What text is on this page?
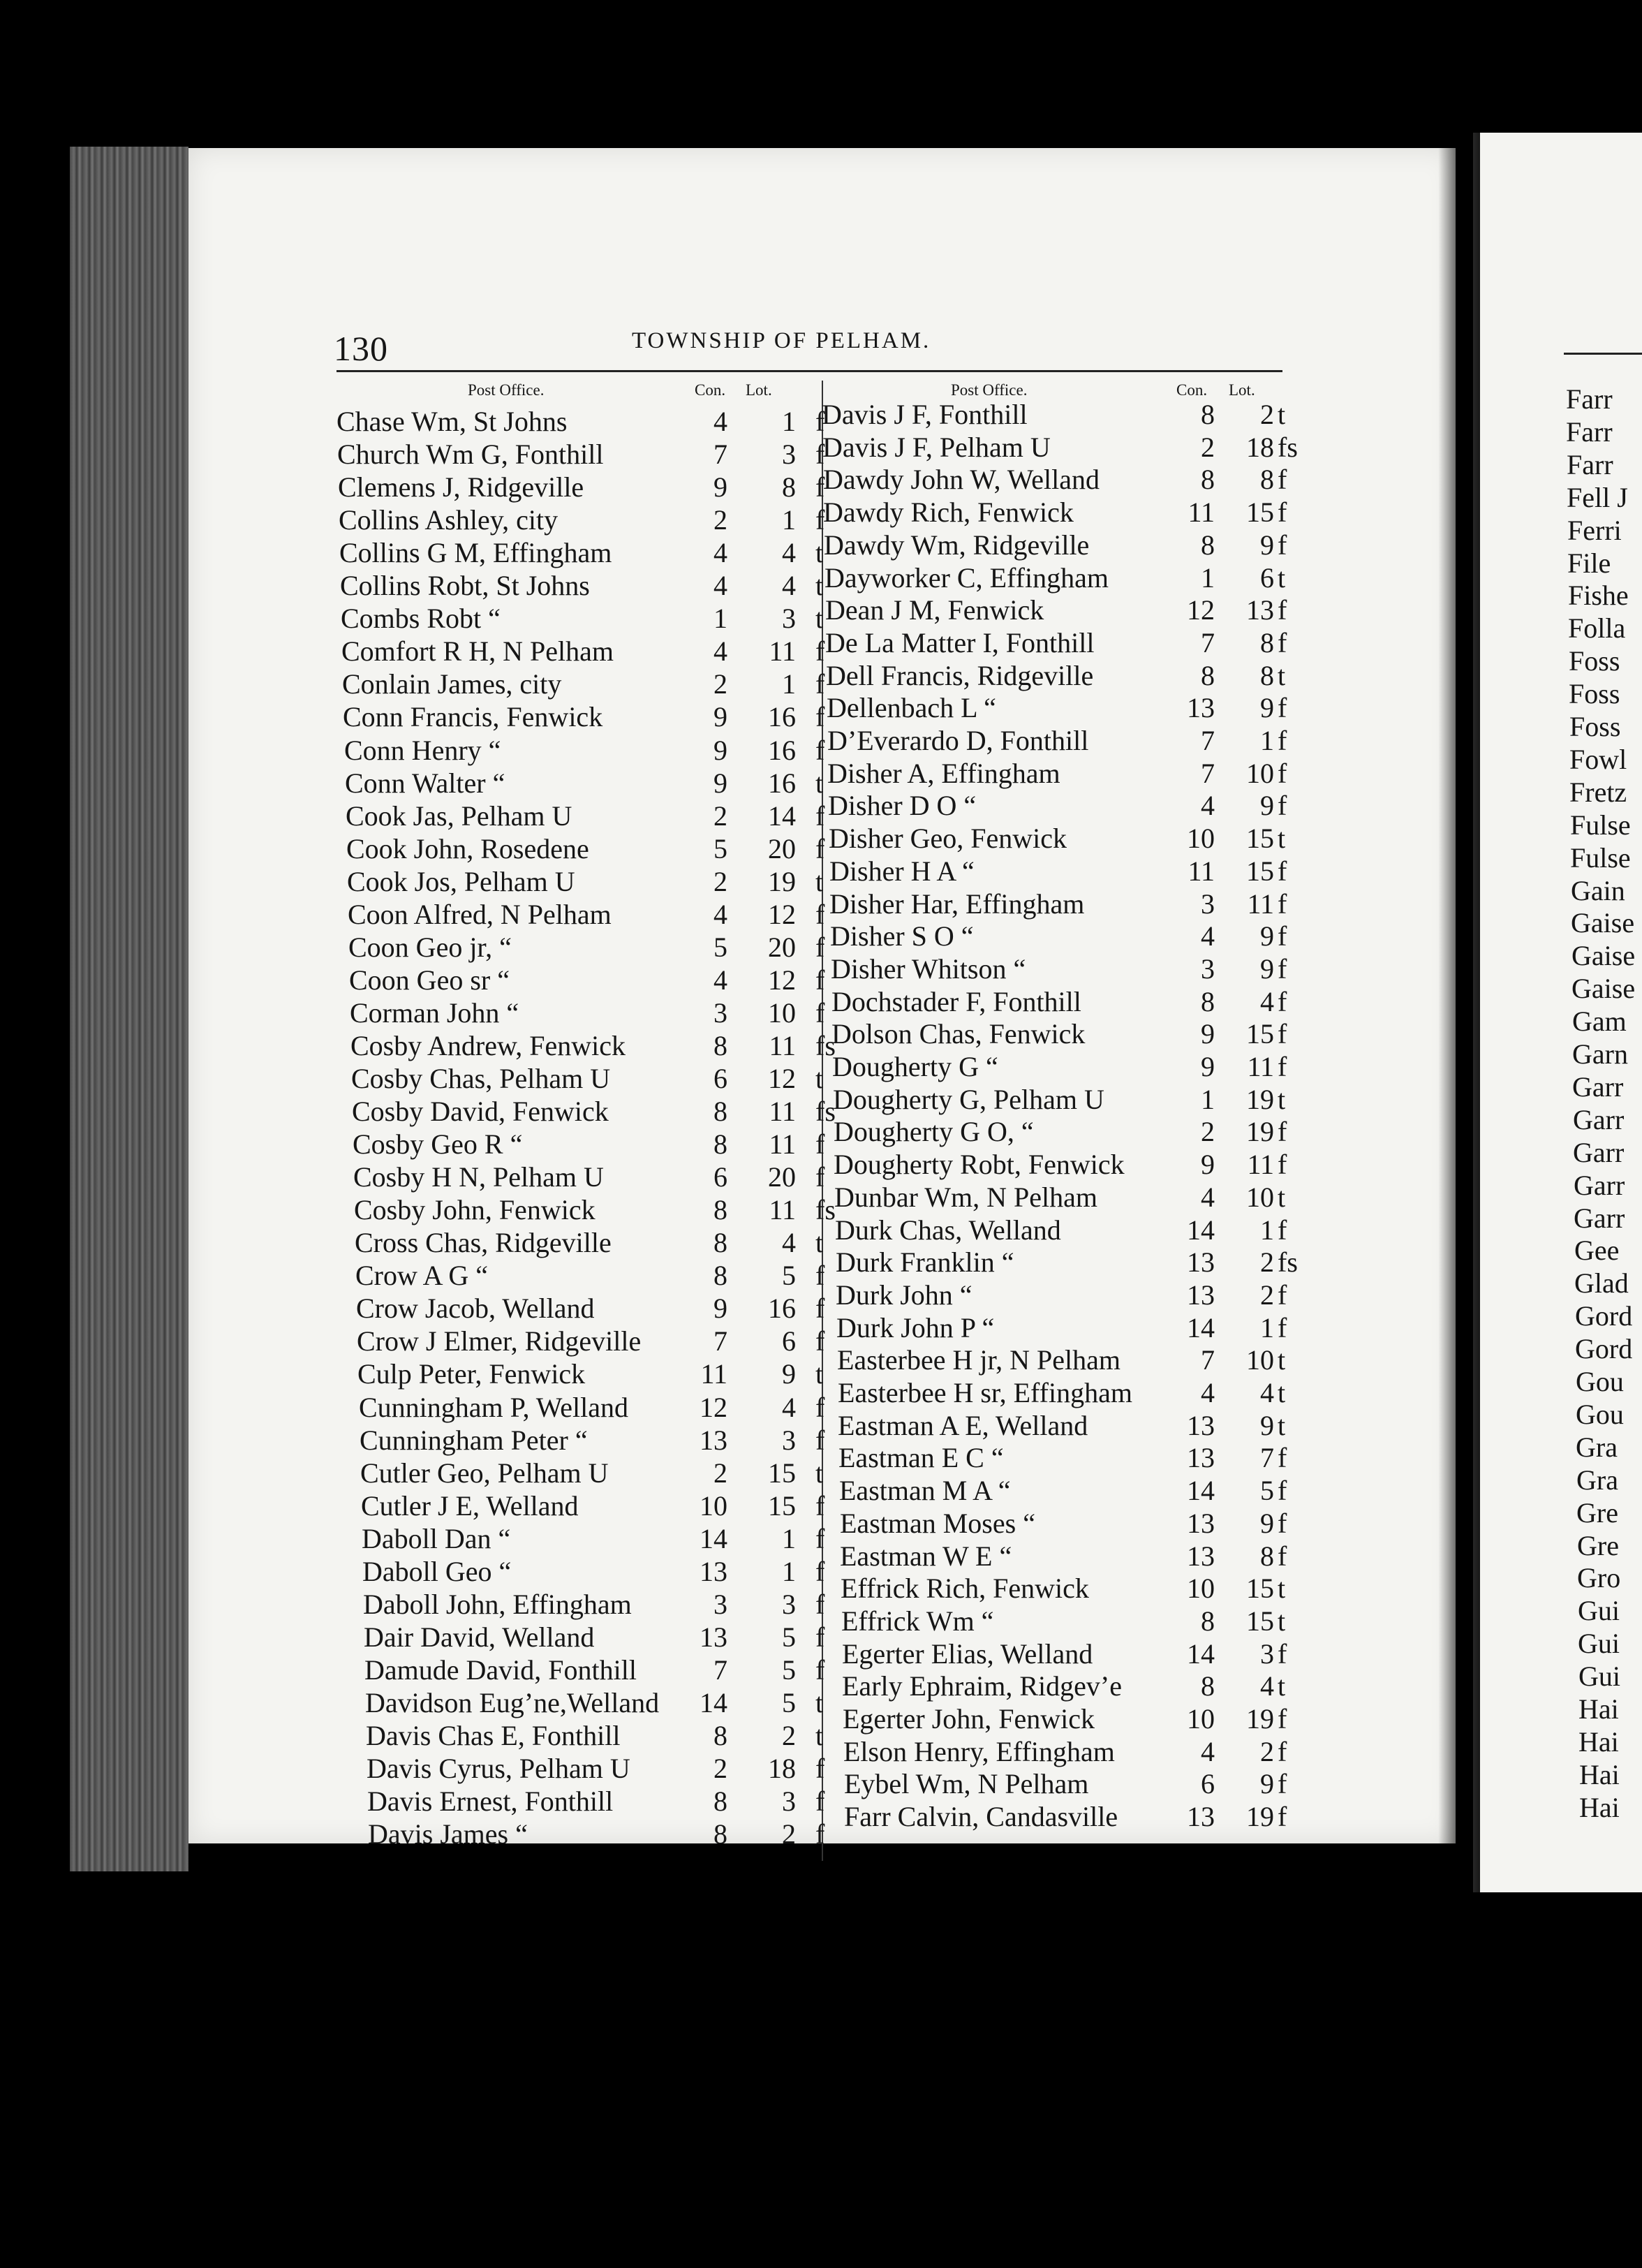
130	TOWNSHIP OF PELHAM.
Post Office.	Con. Lot.	Post Office.	Con. Lot.
Chase Wm, St Johns	4	1 f
Church Wm G, Fonthill	7	3 f
Clemens J, Ridgeville	9	8 f
Collins Ashley, city	2	1 f
Collins G M, Effingham	4	4 t
Collins Robt, St Johns	4	4 t
Combs Robt “	1	3 t
Comfort R H, N Pelham	4	11 f
Conlain James, city	2	1 f
Conn Francis, Fenwick	9	16 f
Conn Henry “	9	16 f
Conn Walter “	9	16 t
Cook Jas, Pelham U	2	14 f
Cook John, Rosedene	5	20 f
Cook Jos, Pelham U	2	19 t
Coon Alfred, N Pelham	4	12 f
Coon Geo jr, “	5	20 f
Coon Geo sr “	4	12 f
Corman John “	3	10 f
Cosby Andrew, Fenwick	8	11 fs
Cosby Chas, Pelham U	6	12 t
Cosby David, Fenwick	8	11 fs
Cosby Geo R “	8	11 f
Cosby H N, Pelham U	6	20 f
Cosby John, Fenwick	8	11 fs
Cross Chas, Ridgeville	8	4 t
Crow A G “	8	5 f
Crow Jacob, Welland	9	16 f
Crow J Elmer, Ridgeville	7	6 f
Culp Peter, Fenwick	11	9 t
Cunningham P, Welland	12	4 f
Cunningham Peter “	13	3 f
Cutler Geo, Pelham U	2	15 t
Cutler J E, Welland	10	15 f
Daboll Dan “	14	1 f
Daboll Geo “	13	1 f
Daboll John, Effingham	3	3 f
Dair David, Welland	13	5 f
Damude David, Fonthill	7	5 f
Davidson Eug’ne,Welland	14	5 t
Davis Chas E, Fonthill	8	2 t
Davis Cyrus, Pelham U	2	18 f
Davis Ernest, Fonthill	8	3 f
Davis James “	8	2 f
Davis J F, Fonthill	8	2 t
Davis J F, Pelham U	2	18 fs
Dawdy John W, Welland	8	8 f
Dawdy Rich, Fenwick	11	15 f
Dawdy Wm, Ridgeville	8	9 f
Dayworker C, Effingham	1	6 t
Dean J M, Fenwick	12	13 f
De La Matter I, Fonthill	7	8 f
Dell Francis, Ridgeville	8	8 t
Dellenbach L “	13	9 f
D’Everardo D, Fonthill	7	1 f
Disher A, Effingham	7	10 f
Disher D O “	4	9 f
Disher Geo, Fenwick	10	15 t
Disher H A “	11	15 f
Disher Har, Effingham	3	11 f
Disher S O “	4	9 f
Disher Whitson “	3	9 f
Dochstader F, Fonthill	8	4 f
Dolson Chas, Fenwick	9	15 f
Dougherty G “	9	11 f
Dougherty G, Pelham U	1	19 t
Dougherty G O, “	2	19 f
Dougherty Robt, Fenwick	9	11 f
Dunbar Wm, N Pelham	4	10 t
Durk Chas, Welland	14	1 f
Durk Franklin “	13	2 fs
Durk John “	13	2 f
Durk John P “	14	1 f
Easterbee H jr, N Pelham	7	10 t
Easterbee H sr, Effingham	4	4 t
Eastman A E, Welland	13	9 t
Eastman E C “	13	7 f
Eastman M A “	14	5 f
Eastman Moses “	13	9 f
Eastman W E “	13	8 f
Effrick Rich, Fenwick	10	15 t
Effrick Wm “	8	15 t
Egerter Elias, Welland	14	3 f
Early Ephraim, Ridgev’e	8	4 t
Egerter John, Fenwick	10	19 f
Elson Henry, Effingham	4	2 f
Eybel Wm, N Pelham	6	9 f
Farr Calvin, Candasville	13	19 f
Farr
Farr
Farr
Fell J
Ferri
File
Fishe
Folla
Foss
Foss
Foss
Fowl
Fretz
Fulse
Fulse
Gain
Gaise
Gaise
Gaise
Gam
Garn
Garr
Garr
Garr
Garr
Garr
Gee
Glad
Gord
Gord
Gou
Gou
Gra
Gra
Gre
Gre
Gro
Gui
Gui
Gui
Hai
Hai
Hai
Hai
